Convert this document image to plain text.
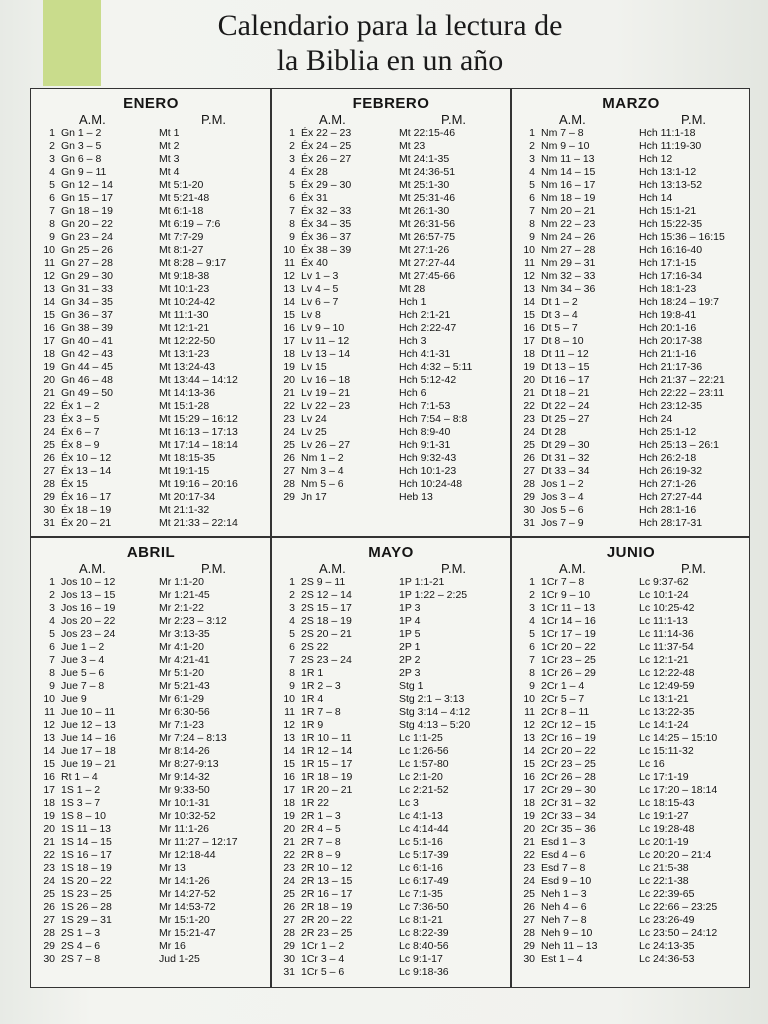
Calendario para la lectura de
la Biblia en un año
ENERO
A.M.	P.M.
1 Gn 1 – 2	Mt 1
2 Gn 3 – 5	Mt 2
3 Gn 6 – 8	Mt 3
4 Gn 9 – 11	Mt 4
5 Gn 12 – 14	Mt 5:1-20
6 Gn 15 – 17	Mt 5:21-48
7 Gn 18 – 19	Mt 6:1-18
8 Gn 20 – 22	Mt 6:19 – 7:6
9 Gn 23 – 24	Mt 7:7-29
10 Gn 25 – 26	Mt 8:1-27
11 Gn 27 – 28	Mt 8:28 – 9:17
12 Gn 29 – 30	Mt 9:18-38
13 Gn 31 – 33	Mt 10:1-23
14 Gn 34 – 35	Mt 10:24-42
15 Gn 36 – 37	Mt 11:1-30
16 Gn 38 – 39	Mt 12:1-21
17 Gn 40 – 41	Mt 12:22-50
18 Gn 42 – 43	Mt 13:1-23
19 Gn 44 – 45	Mt 13:24-43
20 Gn 46 – 48	Mt 13:44 – 14:12
21 Gn 49 – 50	Mt 14:13-36
22 Éx 1 – 2	Mt 15:1-28
23 Éx 3 – 5	Mt 15:29 – 16:12
24 Éx 6 – 7	Mt 16:13 – 17:13
25 Éx 8 – 9	Mt 17:14 – 18:14
26 Éx 10 – 12	Mt 18:15-35
27 Éx 13 – 14	Mt 19:1-15
28 Éx 15	Mt 19:16 – 20:16
29 Éx 16 – 17	Mt 20:17-34
30 Éx 18 – 19	Mt 21:1-32
31 Éx 20 – 21	Mt 21:33 – 22:14
FEBRERO
A.M.	P.M.
1 Éx 22 – 23	Mt 22:15-46
2 Éx 24 – 25	Mt 23
3 Éx 26 – 27	Mt 24:1-35
4 Éx 28	Mt 24:36-51
5 Éx 29 – 30	Mt 25:1-30
6 Éx 31	Mt 25:31-46
7 Éx 32 – 33	Mt 26:1-30
8 Éx 34 – 35	Mt 26:31-56
9 Éx 36 – 37	Mt 26:57-75
10 Éx 38 – 39	Mt 27:1-26
11 Éx 40	Mt 27:27-44
12 Lv 1 – 3	Mt 27:45-66
13 Lv 4 – 5	Mt 28
14 Lv 6 – 7	Hch 1
15 Lv 8	Hch 2:1-21
16 Lv 9 – 10	Hch 2:22-47
17 Lv 11 – 12	Hch 3
18 Lv 13 – 14	Hch 4:1-31
19 Lv 15	Hch 4:32 – 5:11
20 Lv 16 – 18	Hch 5:12-42
21 Lv 19 – 21	Hch 6
22 Lv 22 – 23	Hch 7:1-53
23 Lv 24	Hch 7:54 – 8:8
24 Lv 25	Hch 8:9-40
25 Lv 26 – 27	Hch 9:1-31
26 Nm 1 – 2	Hch 9:32-43
27 Nm 3 – 4	Hch 10:1-23
28 Nm 5 – 6	Hch 10:24-48
29 Jn 17	Heb 13
MARZO
A.M.	P.M.
1 Nm 7 – 8	Hch 11:1-18
2 Nm 9 – 10	Hch 11:19-30
3 Nm 11 – 13	Hch 12
4 Nm 14 – 15	Hch 13:1-12
5 Nm 16 – 17	Hch 13:13-52
6 Nm 18 – 19	Hch 14
7 Nm 20 – 21	Hch 15:1-21
8 Nm 22 – 23	Hch 15:22-35
9 Nm 24 – 26	Hch 15:36 – 16:15
10 Nm 27 – 28	Hch 16:16-40
11 Nm 29 – 31	Hch 17:1-15
12 Nm 32 – 33	Hch 17:16-34
13 Nm 34 – 36	Hch 18:1-23
14 Dt 1 – 2	Hch 18:24 – 19:7
15 Dt 3 – 4	Hch 19:8-41
16 Dt 5 – 7	Hch 20:1-16
17 Dt 8 – 10	Hch 20:17-38
18 Dt 11 – 12	Hch 21:1-16
19 Dt 13 – 15	Hch 21:17-36
20 Dt 16 – 17	Hch 21:37 – 22:21
21 Dt 18 – 21	Hch 22:22 – 23:11
22 Dt 22 – 24	Hch 23:12-35
23 Dt 25 – 27	Hch 24
24 Dt 28	Hch 25:1-12
25 Dt 29 – 30	Hch 25:13 – 26:1
26 Dt 31 – 32	Hch 26:2-18
27 Dt 33 – 34	Hch 26:19-32
28 Jos 1 – 2	Hch 27:1-26
29 Jos 3 – 4	Hch 27:27-44
30 Jos 5 – 6	Hch 28:1-16
31 Jos 7 – 9	Hch 28:17-31
ABRIL
A.M.	P.M.
1 Jos 10 – 12	Mr 1:1-20
2 Jos 13 – 15	Mr 1:21-45
3 Jos 16 – 19	Mr 2:1-22
4 Jos 20 – 22	Mr 2:23 – 3:12
5 Jos 23 – 24	Mr 3:13-35
6 Jue 1 – 2	Mr 4:1-20
7 Jue 3 – 4	Mr 4:21-41
8 Jue 5 – 6	Mr 5:1-20
9 Jue 7 – 8	Mr 5:21-43
10 Jue 9	Mr 6:1-29
11 Jue 10 – 11	Mr 6:30-56
12 Jue 12 – 13	Mr 7:1-23
13 Jue 14 – 16	Mr 7:24 – 8:13
14 Jue 17 – 18	Mr 8:14-26
15 Jue 19 – 21	Mr 8:27-9:13
16 Rt 1 – 4	Mr 9:14-32
17 1S 1 – 2	Mr 9:33-50
18 1S 3 – 7	Mr 10:1-31
19 1S 8 – 10	Mr 10:32-52
20 1S 11 – 13	Mr 11:1-26
21 1S 14 – 15	Mr 11:27 – 12:17
22 1S 16 – 17	Mr 12:18-44
23 1S 18 – 19	Mr 13
24 1S 20 – 22	Mr 14:1-26
25 1S 23 – 25	Mr 14:27-52
26 1S 26 – 28	Mr 14:53-72
27 1S 29 – 31	Mr 15:1-20
28 2S 1 – 3	Mr 15:21-47
29 2S 4 – 6	Mr 16
30 2S 7 – 8	Jud 1-25
MAYO
A.M.	P.M.
1 2S 9 – 11	1P 1:1-21
2 2S 12 – 14	1P 1:22 – 2:25
3 2S 15 – 17	1P 3
4 2S 18 – 19	1P 4
5 2S 20 – 21	1P 5
6 2S 22	2P 1
7 2S 23 – 24	2P 2
8 1R 1	2P 3
9 1R 2 – 3	Stg 1
10 1R 4	Stg 2:1 – 3:13
11 1R 7 – 8	Stg 3:14 – 4:12
12 1R 9	Stg 4:13 – 5:20
13 1R 10 – 11	Lc 1:1-25
14 1R 12 – 14	Lc 1:26-56
15 1R 15 – 17	Lc 1:57-80
16 1R 18 – 19	Lc 2:1-20
17 1R 20 – 21	Lc 2:21-52
18 1R 22	Lc 3
19 2R 1 – 3	Lc 4:1-13
20 2R 4 – 5	Lc 4:14-44
21 2R 7 – 8	Lc 5:1-16
22 2R 8 – 9	Lc 5:17-39
23 2R 10 – 12	Lc 6:1-16
24 2R 13 – 15	Lc 6:17-49
25 2R 16 – 17	Lc 7:1-35
26 2R 18 – 19	Lc 7:36-50
27 2R 20 – 22	Lc 8:1-21
28 2R 23 – 25	Lc 8:22-39
29 1Cr 1 – 2	Lc 8:40-56
30 1Cr 3 – 4	Lc 9:1-17
31 1Cr 5 – 6	Lc 9:18-36
JUNIO
A.M.	P.M.
1 1Cr 7 – 8	Lc 9:37-62
2 1Cr 9 – 10	Lc 10:1-24
3 1Cr 11 – 13	Lc 10:25-42
4 1Cr 14 – 16	Lc 11:1-13
5 1Cr 17 – 19	Lc 11:14-36
6 1Cr 20 – 22	Lc 11:37-54
7 1Cr 23 – 25	Lc 12:1-21
8 1Cr 26 – 29	Lc 12:22-48
9 2Cr 1 – 4	Lc 12:49-59
10 2Cr 5 – 7	Lc 13:1-21
11 2Cr 8 – 11	Lc 13:22-35
12 2Cr 12 – 15	Lc 14:1-24
13 2Cr 16 – 19	Lc 14:25 – 15:10
14 2Cr 20 – 22	Lc 15:11-32
15 2Cr 23 – 25	Lc 16
16 2Cr 26 – 28	Lc 17:1-19
17 2Cr 29 – 30	Lc 17:20 – 18:14
18 2Cr 31 – 32	Lc 18:15-43
19 2Cr 33 – 34	Lc 19:1-27
20 2Cr 35 – 36	Lc 19:28-48
21 Esd 1 – 3	Lc 20:1-19
22 Esd 4 – 6	Lc 20:20 – 21:4
23 Esd 7 – 8	Lc 21:5-38
24 Esd 9 – 10	Lc 22:1-38
25 Neh 1 – 3	Lc 22:39-65
26 Neh 4 – 6	Lc 22:66 – 23:25
27 Neh 7 – 8	Lc 23:26-49
28 Neh 9 – 10	Lc 23:50 – 24:12
29 Neh 11 – 13	Lc 24:13-35
30 Est 1 – 4	Lc 24:36-53
